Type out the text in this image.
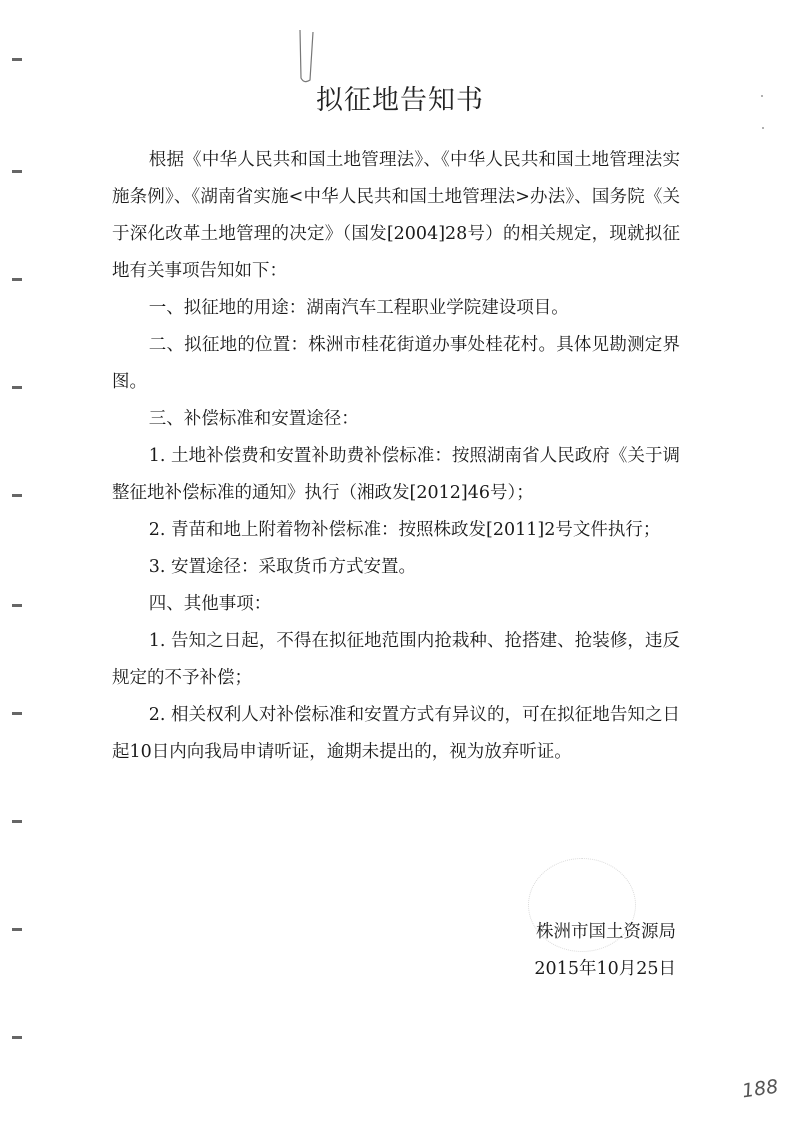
拟征地告知书

根据《中华人民共和国土地管理法》、《中华人民共和国土地管理法实施条例》、《湖南省实施<中华人民共和国土地管理法>办法》、国务院《关于深化改革土地管理的决定》（国发[2004]28号）的相关规定，现就拟征地有关事项告知如下：

一、拟征地的用途：湖南汽车工程职业学院建设项目。

二、拟征地的位置：株洲市桂花街道办事处桂花村。具体见勘测定界图。

三、补偿标准和安置途径：

1. 土地补偿费和安置补助费补偿标准：按照湖南省人民政府《关于调整征地补偿标准的通知》执行（湘政发[2012]46号）；

2. 青苗和地上附着物补偿标准：按照株政发[2011]2号文件执行；

3. 安置途径：采取货币方式安置。

四、其他事项：

1. 告知之日起，不得在拟征地范围内抢栽种、抢搭建、抢装修，违反规定的不予补偿；

2. 相关权利人对补偿标准和安置方式有异议的，可在拟征地告知之日起10日内向我局申请听证，逾期未提出的，视为放弃听证。

株洲市国土资源局
2015年10月25日
188
